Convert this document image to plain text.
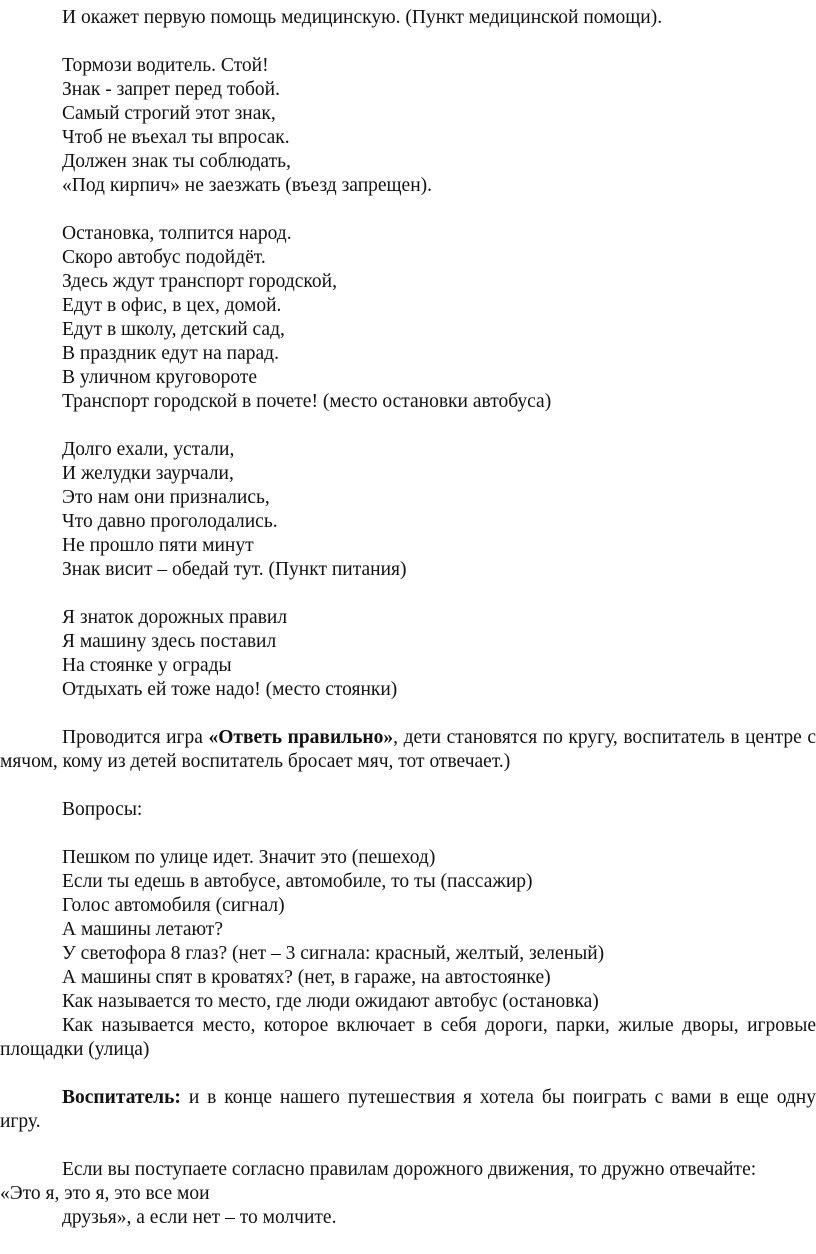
И окажет первую помощь медицинскую. (Пункт медицинской помощи).

Тормози водитель. Стой!

Знак - запрет перед тобой.

Самый строгий этот знак,

Чтоб не въехал ты впросак.

Должен знак ты соблюдать,

«Под кирпич» не заезжать (въезд запрещен).

Остановка, толпится народ.

Скоро автобус подойдёт.

Здесь ждут транспорт городской,

Едут в офис, в цех, домой.

Едут в школу, детский сад,

В праздник едут на парад.

В уличном круговороте

Транспорт городской в почете! (место остановки автобуса)

Долго ехали, устали,

И желудки заурчали,

Это нам они признались,

Что давно проголодались.

Не прошло пяти минут

Знак висит – обедай тут. (Пункт питания)

Я знаток дорожных правил

Я машину здесь поставил

На стоянке у ограды

Отдыхать ей тоже надо! (место стоянки)

Проводится игра «Ответь правильно», дети становятся по кругу, воспитатель в центре с мячом, кому из детей воспитатель бросает мяч, тот отвечает.)

Вопросы:

Пешком по улице идет. Значит это (пешеход)

Если ты едешь в автобусе, автомобиле, то ты (пассажир)

Голос автомобиля (сигнал)

А машины летают?

У светофора 8 глаз? (нет – 3 сигнала: красный, желтый, зеленый)

А машины спят в кроватях? (нет, в гараже, на автостоянке)

Как называется то место, где люди ожидают автобус (остановка)

Как называется место, которое включает в себя дороги, парки, жилые дворы, игровые площадки (улица)

Воспитатель: и в конце нашего путешествия я хотела бы поиграть с вами в еще одну игру.

Если вы поступаете согласно правилам дорожного движения, то дружно отвечайте:

«Это я, это я, это все мои

друзья», а если нет – то молчите.
